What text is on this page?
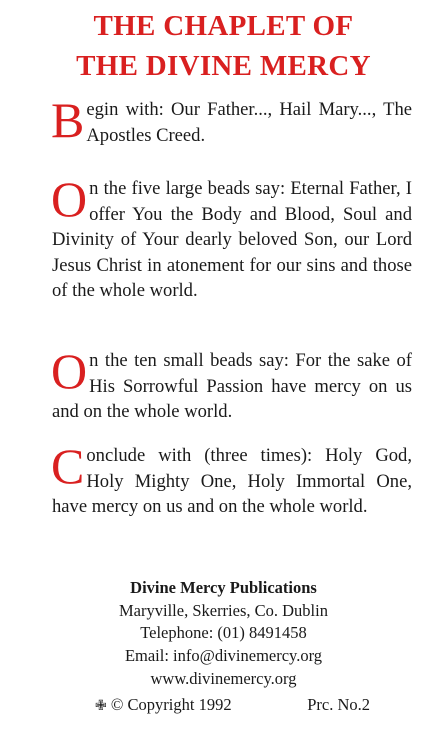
THE CHAPLET OF
THE DIVINE MERCY
Begin with: Our Father..., Hail Mary..., The Apostles Creed.
On the five large beads say: Eternal Father, I offer You the Body and Blood, Soul and Divinity of Your dearly beloved Son, our Lord Jesus Christ in atonement for our sins and those of the whole world.
On the ten small beads say: For the sake of His Sorrowful Passion have mercy on us and on the whole world.
Conclude with (three times): Holy God, Holy Mighty One, Holy Immortal One, have mercy on us and on the whole world.
Divine Mercy Publications
Maryville, Skerries, Co. Dublin
Telephone: (01) 8491458
Email: info@divinemercy.org
www.divinemercy.org
✙ © Copyright 1992	Prc. No.2
